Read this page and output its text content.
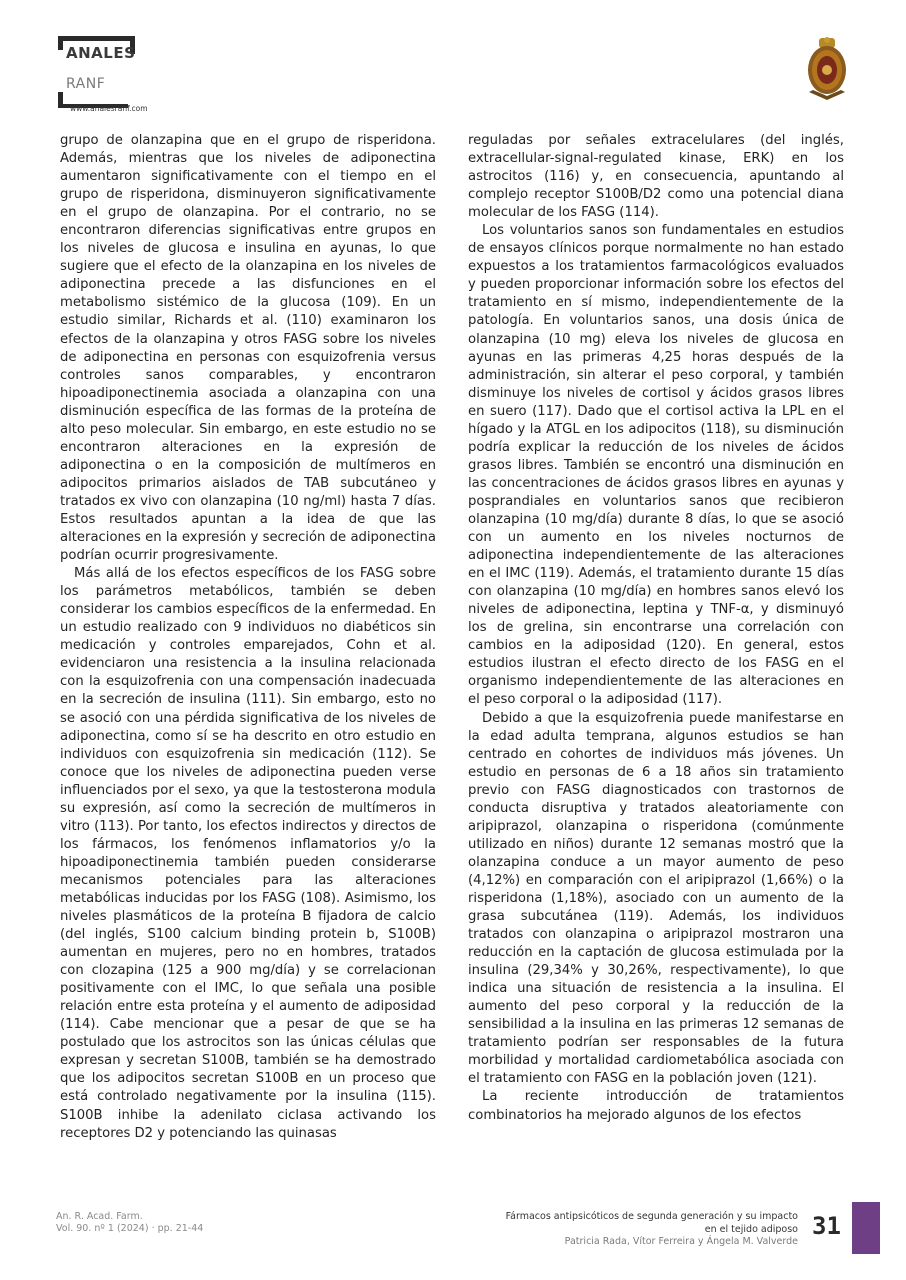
ANALES
RANF
www.analesranf.com

grupo de olanzapina que en el grupo de risperidona. Además, mientras que los niveles de adiponectina aumentaron significativamente con el tiempo en el grupo de risperidona, disminuyeron significativamente en el grupo de olanzapina. Por el contrario, no se encontraron diferencias significativas entre grupos en los niveles de glucosa e insulina en ayunas, lo que sugiere que el efecto de la olanzapina en los niveles de adiponectina precede a las disfunciones en el metabolismo sistémico de la glucosa (109). En un estudio similar, Richards et al. (110) examinaron los efectos de la olanzapina y otros FASG sobre los niveles de adiponectina en personas con esquizofrenia versus controles sanos comparables, y encontraron hipoadiponectinemia asociada a olanzapina con una disminución específica de las formas de la proteína de alto peso molecular. Sin embargo, en este estudio no se encontraron alteraciones en la expresión de adiponectina o en la composición de multímeros en adipocitos primarios aislados de TAB subcutáneo y tratados ex vivo con olanzapina (10 ng/ml) hasta 7 días. Estos resultados apuntan a la idea de que las alteraciones en la expresión y secreción de adiponectina podrían ocurrir progresivamente.

Más allá de los efectos específicos de los FASG sobre los parámetros metabólicos, también se deben considerar los cambios específicos de la enfermedad. En un estudio realizado con 9 individuos no diabéticos sin medicación y controles emparejados, Cohn et al. evidenciaron una resistencia a la insulina relacionada con la esquizofrenia con una compensación inadecuada en la secreción de insulina (111). Sin embargo, esto no se asoció con una pérdida significativa de los niveles de adiponectina, como sí se ha descrito en otro estudio en individuos con esquizofrenia sin medicación (112). Se conoce que los niveles de adiponectina pueden verse influenciados por el sexo, ya que la testosterona modula su expresión, así como la secreción de multímeros in vitro (113). Por tanto, los efectos indirectos y directos de los fármacos, los fenómenos inflamatorios y/o la hipoadiponectinemia también pueden considerarse mecanismos potenciales para las alteraciones metabólicas inducidas por los FASG (108). Asimismo, los niveles plasmáticos de la proteína B fijadora de calcio (del inglés, S100 calcium binding protein b, S100B) aumentan en mujeres, pero no en hombres, tratados con clozapina (125 a 900 mg/día) y se correlacionan positivamente con el IMC, lo que señala una posible relación entre esta proteína y el aumento de adiposidad (114). Cabe mencionar que a pesar de que se ha postulado que los astrocitos son las únicas células que expresan y secretan S100B, también se ha demostrado que los adipocitos secretan S100B en un proceso que está controlado negativamente por la insulina (115). S100B inhibe la adenilato ciclasa activando los receptores D2 y potenciando las quinasas

reguladas por señales extracelulares (del inglés, extracellular-signal-regulated kinase, ERK) en los astrocitos (116) y, en consecuencia, apuntando al complejo receptor S100B/D2 como una potencial diana molecular de los FASG (114).

Los voluntarios sanos son fundamentales en estudios de ensayos clínicos porque normalmente no han estado expuestos a los tratamientos farmacológicos evaluados y pueden proporcionar información sobre los efectos del tratamiento en sí mismo, independientemente de la patología. En voluntarios sanos, una dosis única de olanzapina (10 mg) eleva los niveles de glucosa en ayunas en las primeras 4,25 horas después de la administración, sin alterar el peso corporal, y también disminuye los niveles de cortisol y ácidos grasos libres en suero (117). Dado que el cortisol activa la LPL en el hígado y la ATGL en los adipocitos (118), su disminución podría explicar la reducción de los niveles de ácidos grasos libres. También se encontró una disminución en las concentraciones de ácidos grasos libres en ayunas y posprandiales en voluntarios sanos que recibieron olanzapina (10 mg/día) durante 8 días, lo que se asoció con un aumento en los niveles nocturnos de adiponectina independientemente de las alteraciones en el IMC (119). Además, el tratamiento durante 15 días con olanzapina (10 mg/día) en hombres sanos elevó los niveles de adiponectina, leptina y TNF-α, y disminuyó los de grelina, sin encontrarse una correlación con cambios en la adiposidad (120). En general, estos estudios ilustran el efecto directo de los FASG en el organismo independientemente de las alteraciones en el peso corporal o la adiposidad (117).

Debido a que la esquizofrenia puede manifestarse en la edad adulta temprana, algunos estudios se han centrado en cohortes de individuos más jóvenes. Un estudio en personas de 6 a 18 años sin tratamiento previo con FASG diagnosticados con trastornos de conducta disruptiva y tratados aleatoriamente con aripiprazol, olanzapina o risperidona (comúnmente utilizado en niños) durante 12 semanas mostró que la olanzapina conduce a un mayor aumento de peso (4,12%) en comparación con el aripiprazol (1,66%) o la risperidona (1,18%), asociado con un aumento de la grasa subcutánea (119). Además, los individuos tratados con olanzapina o aripiprazol mostraron una reducción en la captación de glucosa estimulada por la insulina (29,34% y 30,26%, respectivamente), lo que indica una situación de resistencia a la insulina. El aumento del peso corporal y la reducción de la sensibilidad a la insulina en las primeras 12 semanas de tratamiento podrían ser responsables de la futura morbilidad y mortalidad cardiometabólica asociada con el tratamiento con FASG en la población joven (121).

La reciente introducción de tratamientos combinatorios ha mejorado algunos de los efectos

An. R. Acad. Farm.
Vol. 90. nº 1 (2024) · pp. 21-44
Fármacos antipsicóticos de segunda generación y su impacto
en el tejido adiposo
Patricia Rada, Vítor Ferreira y Ángela M. Valverde
31
